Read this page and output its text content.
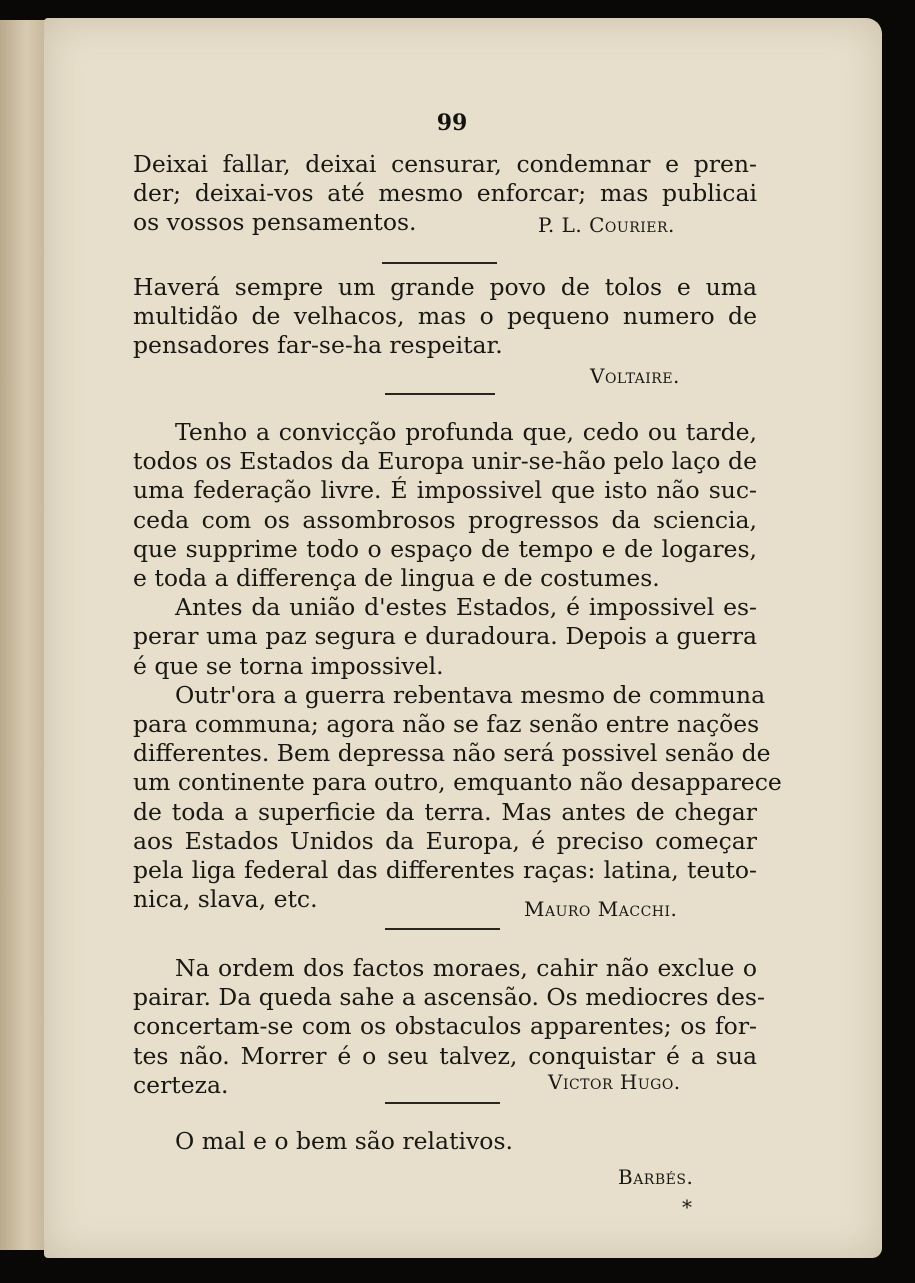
99
Deixai fallar, deixai censurar, condemnar e pren-
der; deixai-vos até mesmo enforcar; mas publicai
os vossos pensamentos.	P. L. Courier.
Haverá sempre um grande povo de tolos e uma
multidão de velhacos, mas o pequeno numero de
pensadores far-se-ha respeitar.
Voltaire.
Tenho a convicção profunda que, cedo ou tarde,
todos os Estados da Europa unir-se-hão pelo laço de
uma federação livre. É impossivel que isto não suc-
ceda com os assombrosos progressos da sciencia,
que supprime todo o espaço de tempo e de logares,
e toda a differença de lingua e de costumes.
Antes da união d'estes Estados, é impossivel es-
perar uma paz segura e duradoura. Depois a guerra
é que se torna impossivel.
Outr'ora a guerra rebentava mesmo de communa
para communa; agora não se faz senão entre nações
differentes. Bem depressa não será possivel senão de
um continente para outro, emquanto não desapparece
de toda a superficie da terra. Mas antes de chegar
aos Estados Unidos da Europa, é preciso começar
pela liga federal das differentes raças: latina, teuto-
nica, slava, etc.	Mauro Macchi.
Na ordem dos factos moraes, cahir não exclue o
pairar. Da queda sahe a ascensão. Os mediocres des-
concertam-se com os obstaculos apparentes; os for-
tes não. Morrer é o seu talvez, conquistar é a sua
certeza.	Victor Hugo.
O mal e o bem são relativos.
Barbés.
*
